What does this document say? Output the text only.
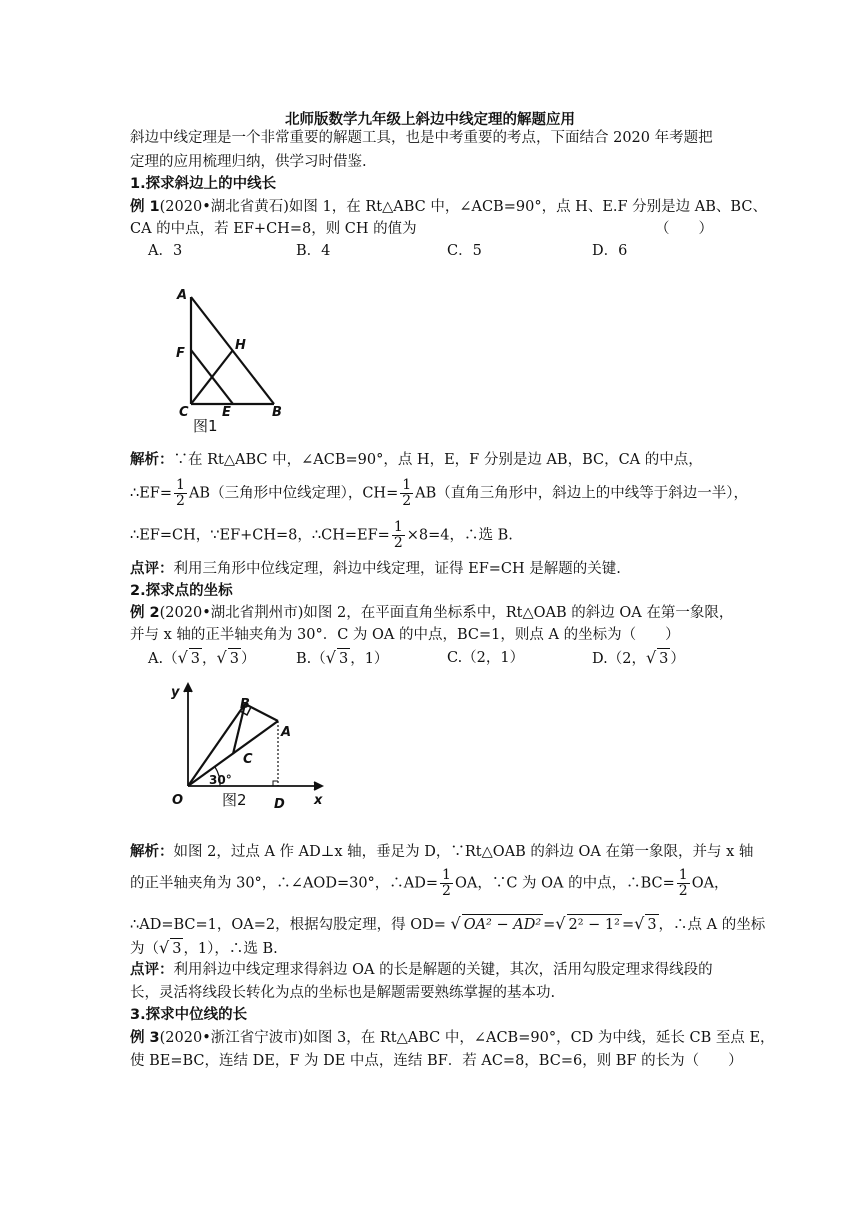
北师版数学九年级上斜边中线定理的解题应用
斜边中线定理是一个非常重要的解题工具，也是中考重要的考点，下面结合 2020 年考题把
定理的应用梳理归纳，供学习时借鉴.
1.探求斜边上的中线长
例 1(2020•湖北省黄石)如图 1，在 Rt△ABC 中，∠ACB=90°，点 H、E.F 分别是边 AB、BC、
CA 的中点，若 EF+CH=8，则 CH 的值为	（　　）
A．3	B．4	C．5	D．6
A
F
H
C	E	B
图1
解析：∵在 Rt△ABC 中，∠ACB=90°，点 H，E，F 分别是边 AB，BC，CA 的中点，
∴EF= $\frac{1}{2} AB$（三角形中位线定理），$CH= \frac{1}{2} AB$（直角三角形中，斜边上的中线等于斜边一半），
∴EF=CH，∵EF+CH=8，∴CH=EF= $\frac{1}{2} \times 8=4$，∴选 B.
点评：利用三角形中位线定理，斜边中线定理，证得 EF=CH 是解题的关键.
2.探求点的坐标
例 2(2020•湖北省荆州市)如图 2，在平面直角坐标系中，Rt△OAB 的斜边 OA 在第一象限，
并与 x 轴的正半轴夹角为 30°．C 为 OA 的中点，BC=1，则点 A 的坐标为（　　）
A.（√ 3 ，√ 3 ）	B.（√ 3 ，1）	C.（2，1）	D.（2，√ 3 ）
y
B
A
C
30°
O	D x
图2
解析：如图 2，过点 A 作 AD⊥x 轴，垂足为 D，∵Rt△OAB 的斜边 OA 在第一象限，并与 x 轴
的正半轴夹角为 30°，∴∠AOD=30°，∴AD= $\frac{1}{2}$ OA，∵C 为 OA 的中点，∴BC= $\frac{1}{2}$ OA，
∴AD=BC=1，OA=2，根据勾股定理，得 OD= √ OA² − AD² =√ 2² − 1² =√ 3 ，∴点 A 的坐标
为（√ 3 ，1），∴选 B.
点评：利用斜边中线定理求得斜边 OA 的长是解题的关键，其次，活用勾股定理求得线段的
长，灵活将线段长转化为点的坐标也是解题需要熟练掌握的基本功.
3.探求中位线的长
例 3(2020•浙江省宁波市)如图 3，在 Rt△ABC 中，∠ACB=90°，CD 为中线，延长 CB 至点 E，
使 BE=BC，连结 DE，F 为 DE 中点，连结 BF．若 AC=8，BC=6，则 BF 的长为（　　）
